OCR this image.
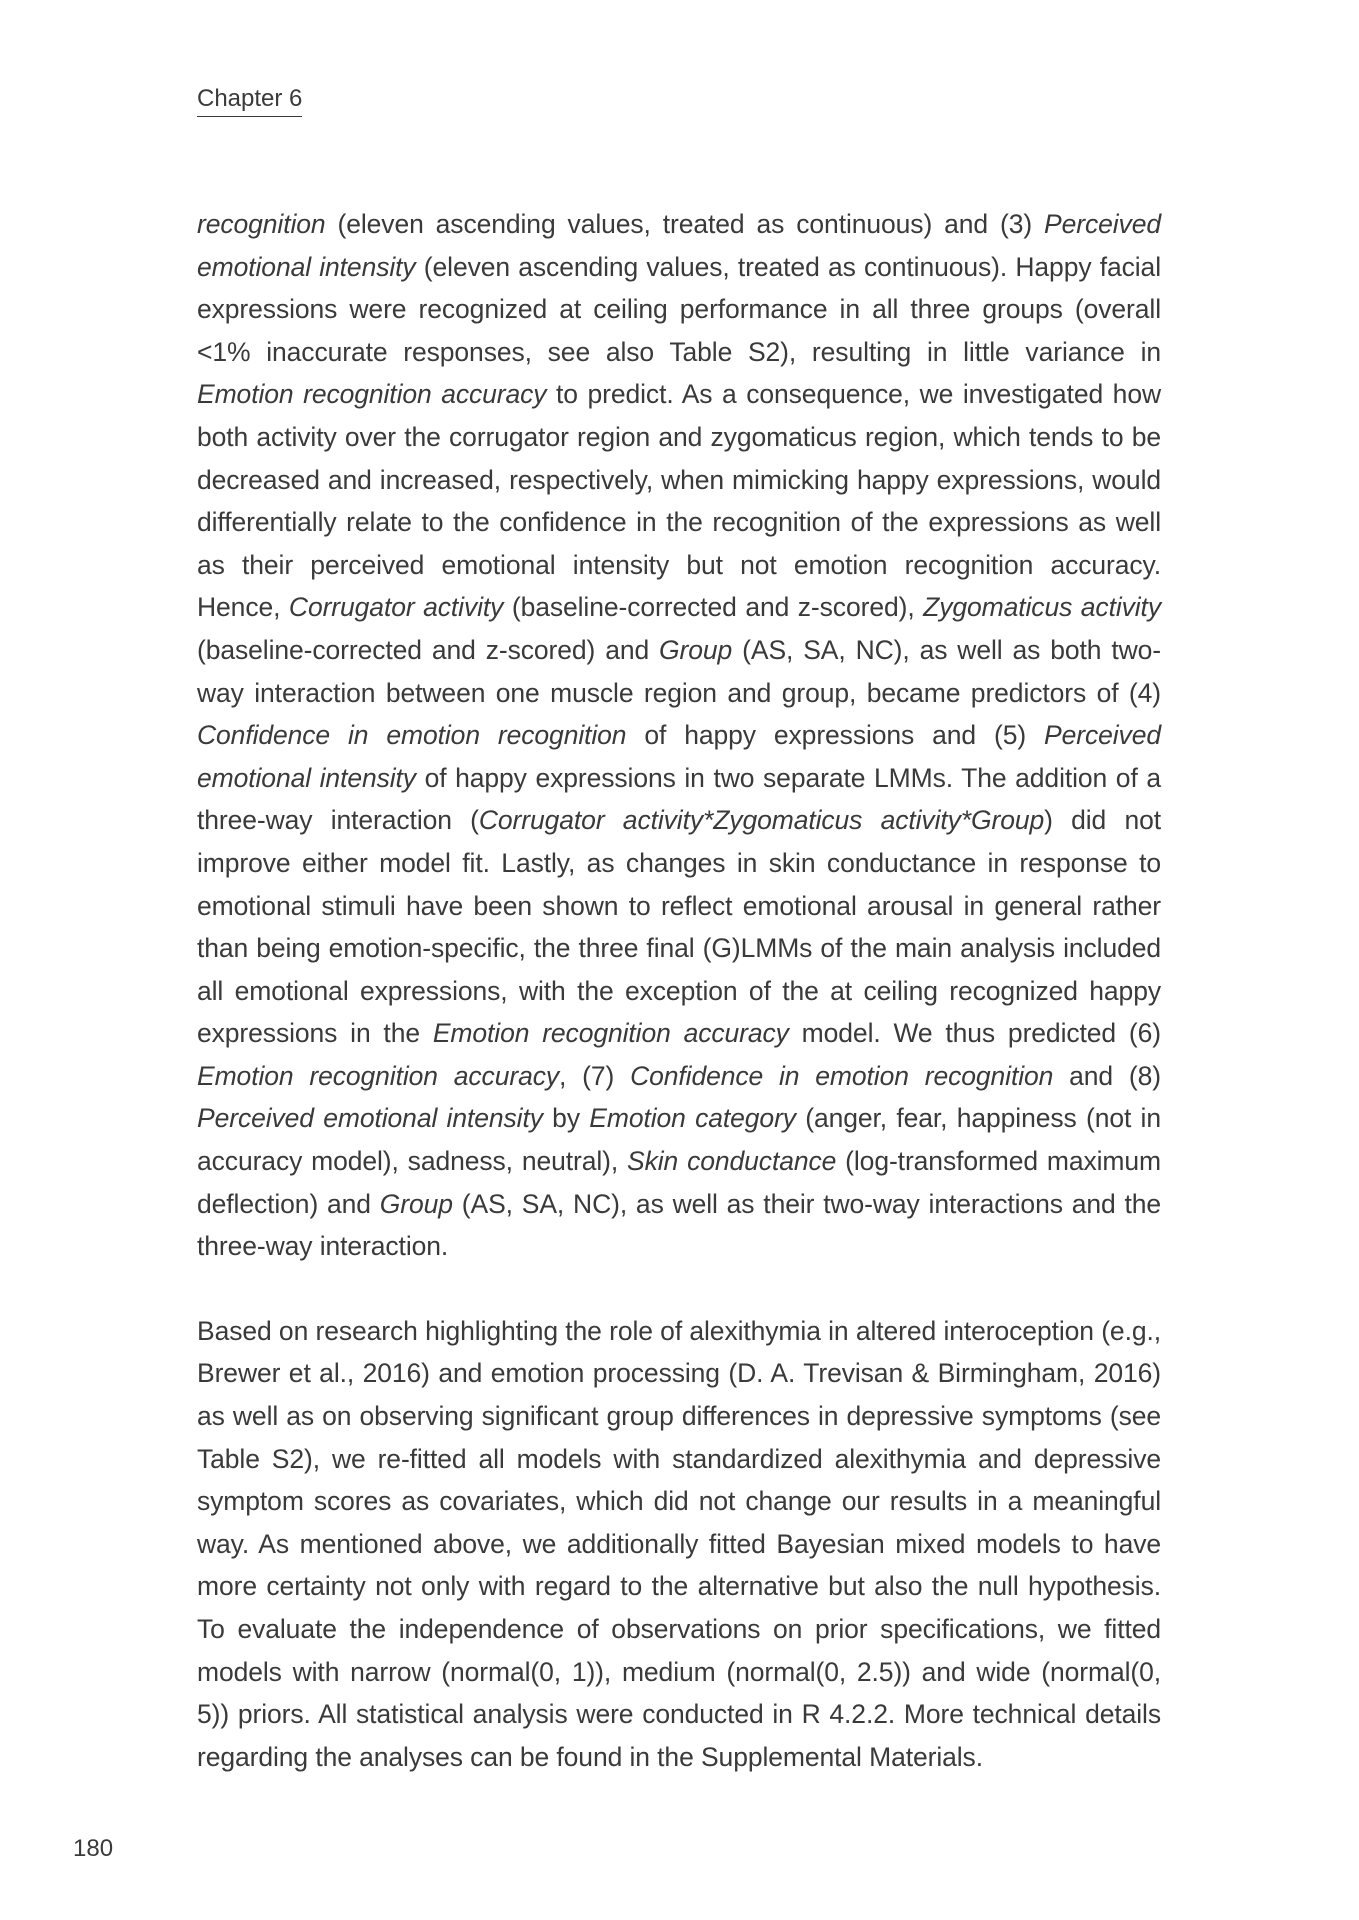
Chapter 6

recognition (eleven ascending values, treated as continuous) and (3) Perceived emotional intensity (eleven ascending values, treated as continuous). Happy facial expressions were recognized at ceiling performance in all three groups (overall <1% inaccurate responses, see also Table S2), resulting in little variance in Emotion recognition accuracy to predict. As a consequence, we investigated how both activity over the corrugator region and zygomaticus region, which tends to be decreased and increased, respectively, when mimicking happy expressions, would differentially relate to the confidence in the recognition of the expressions as well as their perceived emotional intensity but not emotion recognition accuracy. Hence, Corrugator activity (baseline-corrected and z-scored), Zygomaticus activity (baseline-corrected and z-scored) and Group (AS, SA, NC), as well as both two-way interaction between one muscle region and group, became predictors of (4) Confidence in emotion recognition of happy expressions and (5) Perceived emotional intensity of happy expressions in two separate LMMs. The addition of a three-way interaction (Corrugator activity*Zygomaticus activity*Group) did not improve either model fit. Lastly, as changes in skin conductance in response to emotional stimuli have been shown to reflect emotional arousal in general rather than being emotion-specific, the three final (G)LMMs of the main analysis included all emotional expressions, with the exception of the at ceiling recognized happy expressions in the Emotion recognition accuracy model. We thus predicted (6) Emotion recognition accuracy, (7) Confidence in emotion recognition and (8) Perceived emotional intensity by Emotion category (anger, fear, happiness (not in accuracy model), sadness, neutral), Skin conductance (log-transformed maximum deflection) and Group (AS, SA, NC), as well as their two-way interactions and the three-way interaction.

Based on research highlighting the role of alexithymia in altered interoception (e.g., Brewer et al., 2016) and emotion processing (D. A. Trevisan & Birmingham, 2016) as well as on observing significant group differences in depressive symptoms (see Table S2), we re-fitted all models with standardized alexithymia and depressive symptom scores as covariates, which did not change our results in a meaningful way. As mentioned above, we additionally fitted Bayesian mixed models to have more certainty not only with regard to the alternative but also the null hypothesis. To evaluate the independence of observations on prior specifications, we fitted models with narrow (normal(0, 1)), medium (normal(0, 2.5)) and wide (normal(0, 5)) priors. All statistical analysis were conducted in R 4.2.2. More technical details regarding the analyses can be found in the Supplemental Materials.

180
